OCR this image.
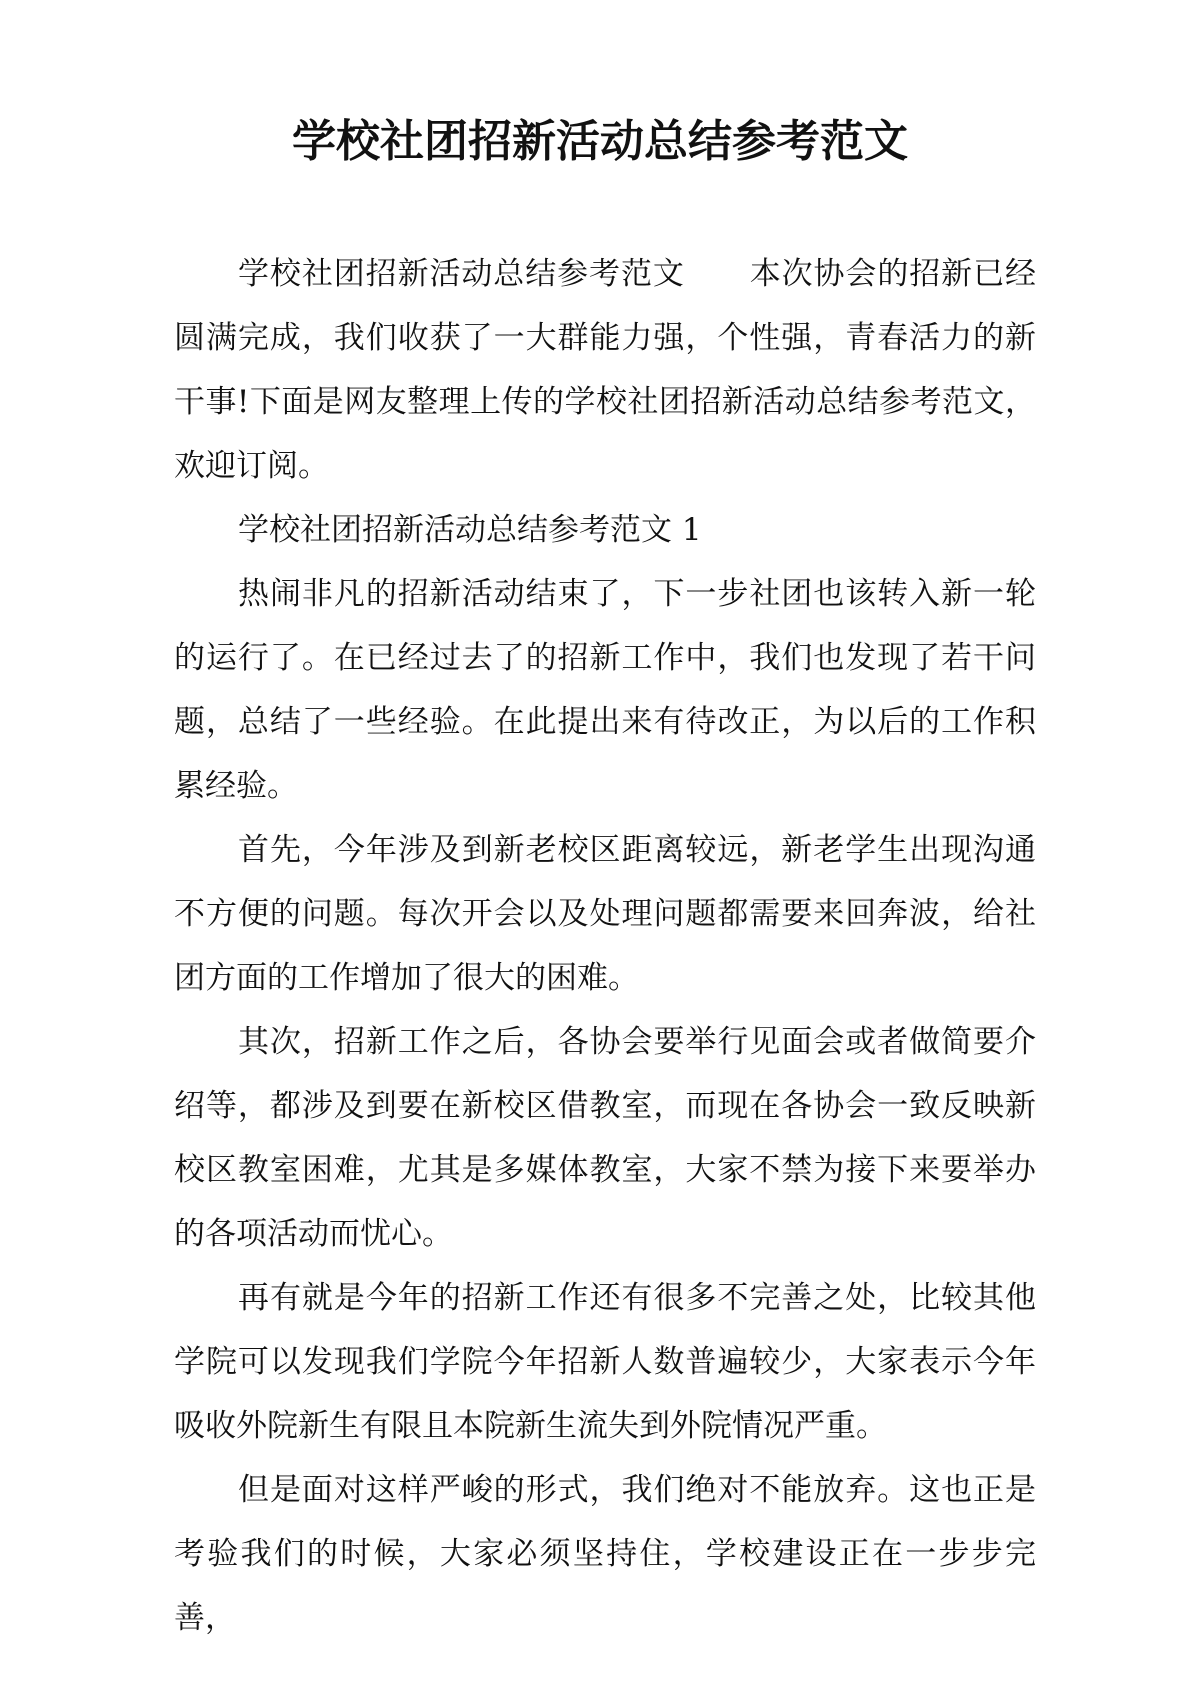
学校社团招新活动总结参考范文

学校社团招新活动总结参考范文 本次协会的招新已经圆满完成，我们收获了一大群能力强，个性强，青春活力的新干事!下面是网友整理上传的学校社团招新活动总结参考范文，欢迎订阅。

学校社团招新活动总结参考范文 1

热闹非凡的招新活动结束了，下一步社团也该转入新一轮的运行了。在已经过去了的招新工作中，我们也发现了若干问题，总结了一些经验。在此提出来有待改正，为以后的工作积累经验。

首先，今年涉及到新老校区距离较远，新老学生出现沟通不方便的问题。每次开会以及处理问题都需要来回奔波，给社团方面的工作增加了很大的困难。

其次，招新工作之后，各协会要举行见面会或者做简要介绍等，都涉及到要在新校区借教室，而现在各协会一致反映新校区教室困难，尤其是多媒体教室，大家不禁为接下来要举办的各项活动而忧心。

再有就是今年的招新工作还有很多不完善之处，比较其他学院可以发现我们学院今年招新人数普遍较少，大家表示今年吸收外院新生有限且本院新生流失到外院情况严重。

但是面对这样严峻的形式，我们绝对不能放弃。这也正是考验我们的时候，大家必须坚持住，学校建设正在一步步完善，
